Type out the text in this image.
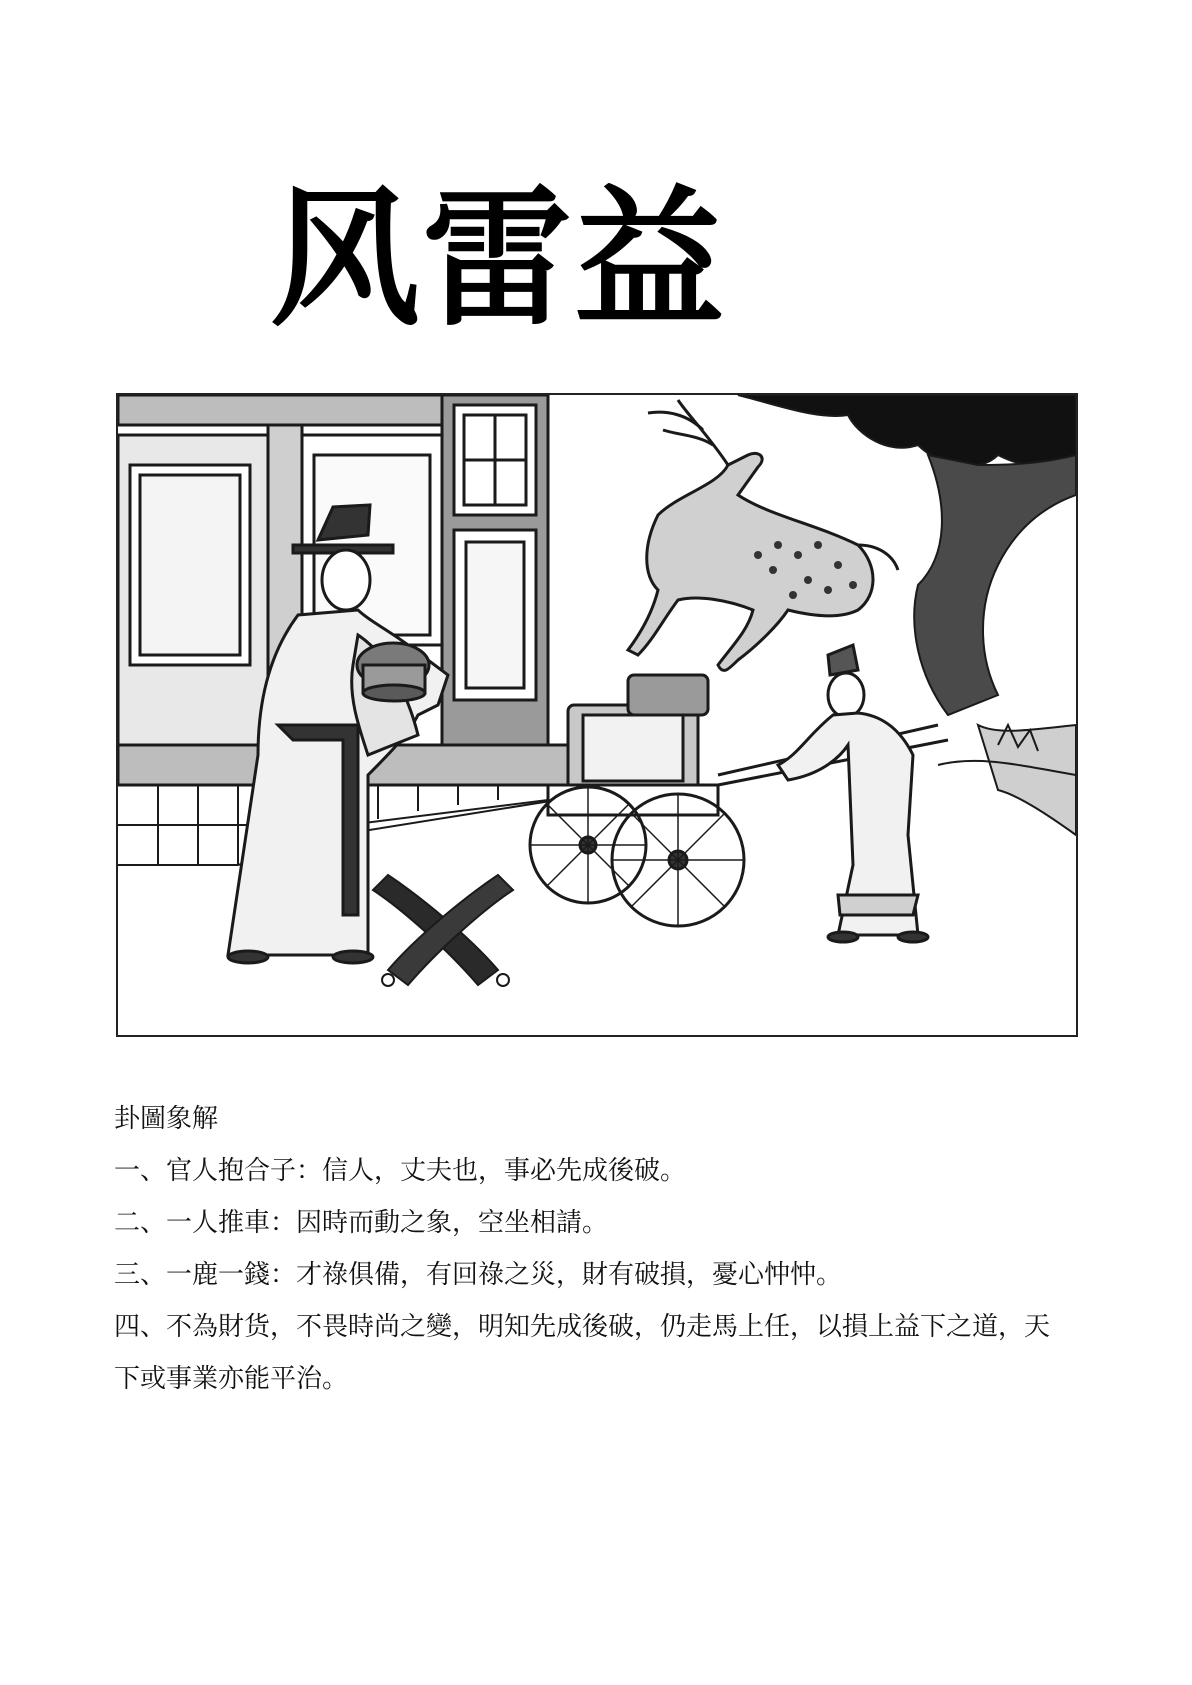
风雷益

卦圖象解

一、官人抱合子：信人，丈夫也，事必先成後破。

二、一人推車：因時而動之象，空坐相請。

三、一鹿一錢：才祿俱備，有回祿之災，財有破損，憂心忡忡。

四、不為財货，不畏時尚之變，明知先成後破，仍走馬上任，以損上益下之道，天下或事業亦能平治。
